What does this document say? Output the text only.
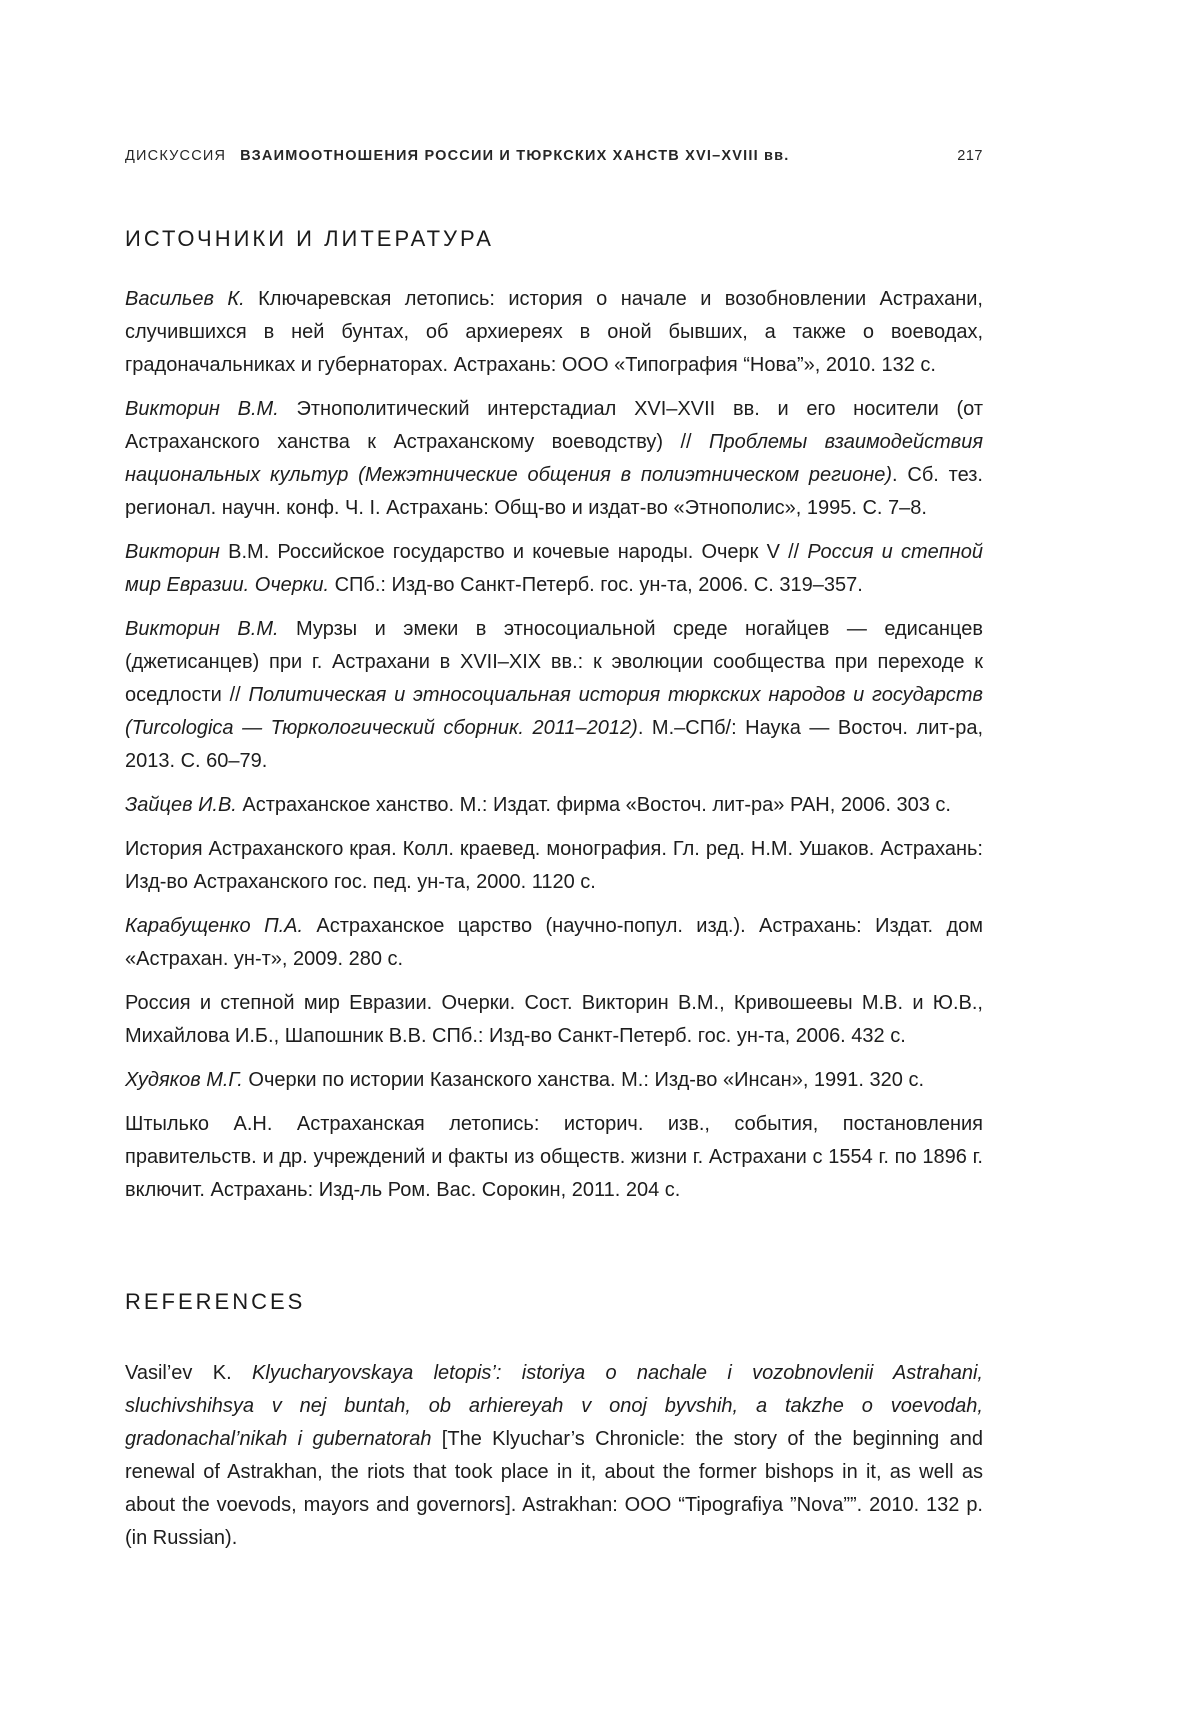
ДИСКУССИЯ ВЗАИМООТНОШЕНИЯ РОССИИ И ТЮРКСКИХ ХАНСТВ XVI–XVIII вв.	217
ИСТОЧНИКИ И ЛИТЕРАТУРА

Васильев К. Ключаревская летопись: история о начале и возобновлении Астрахани, случившихся в ней бунтах, об архиереях в оной бывших, а также о воеводах, градоначальниках и губернаторах. Астрахань: ООО «Типография “Нова”», 2010. 132 с.

Викторин В.М. Этнополитический интерстадиал XVI–XVII вв. и его носители (от Астраханского ханства к Астраханскому воеводству) // Проблемы взаимодействия национальных культур (Межэтнические общения в полиэтническом регионе). Сб. тез. регионал. научн. конф. Ч. I. Астрахань: Общ-во и издат-во «Этнополис», 1995. С. 7–8.

Викторин В.М. Российское государство и кочевые народы. Очерк V // Россия и степной мир Евразии. Очерки. СПб.: Изд-во Санкт-Петерб. гос. ун-та, 2006. С. 319–357.

Викторин В.М. Мурзы и эмеки в этносоциальной среде ногайцев — едисанцев (джетисанцев) при г. Астрахани в XVII–XIX вв.: к эволюции сообщества при переходе к оседлости // Политическая и этносоциальная история тюркских народов и государств (Turcologica — Тюркологический сборник. 2011–2012). М.–СПб/: Наука — Восточ. лит-ра, 2013. С. 60–79.

Зайцев И.В. Астраханское ханство. М.: Издат. фирма «Восточ. лит-ра» РАН, 2006. 303 с.

История Астраханского края. Колл. краевед. монография. Гл. ред. Н.М. Ушаков. Астрахань: Изд-во Астраханского гос. пед. ун-та, 2000. 1120 с.

Карабущенко П.А. Астраханское царство (научно-попул. изд.). Астрахань: Издат. дом «Астрахан. ун-т», 2009. 280 с.

Россия и степной мир Евразии. Очерки. Сост. Викторин В.М., Кривошеевы М.В. и Ю.В., Михайлова И.Б., Шапошник В.В. СПб.: Изд-во Санкт-Петерб. гос. ун-та, 2006. 432 с.

Худяков М.Г. Очерки по истории Казанского ханства. М.: Изд-во «Инсан», 1991. 320 с.

Штылько А.Н. Астраханская летопись: историч. изв., события, постановления правительств. и др. учреждений и факты из обществ. жизни г. Астрахани с 1554 г. по 1896 г. включит. Астрахань: Изд-ль Ром. Вас. Сорокин, 2011. 204 с.

REFERENCES

Vasil’ev K. Klyucharyovskaya letopis’: istoriya o nachale i vozobnovlenii Astrahani, sluchivshihsya v nej buntah, ob arhiereyah v onoj byvshih, a takzhe o voevodah, gradonachal’nikah i gubernatorah [The Klyuchar’s Chronicle: the story of the beginning and renewal of Astrakhan, the riots that took place in it, about the former bishops in it, as well as about the voevods, mayors and governors]. Astrakhan: OOO “Tipografiya ”Nova””. 2010. 132 p. (in Russian).
